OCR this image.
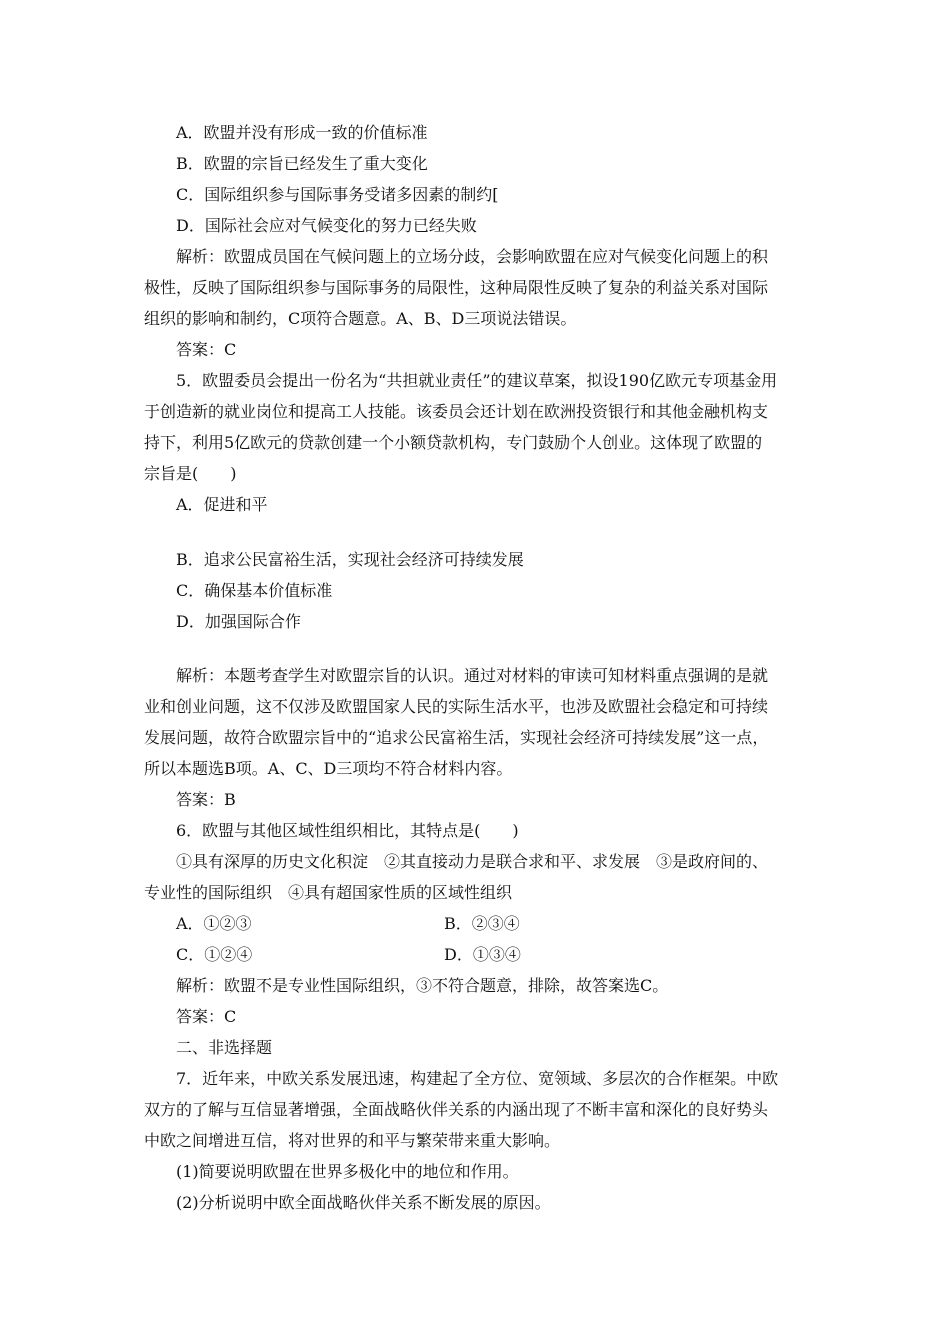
A．欧盟并没有形成一致的价值标准

B．欧盟的宗旨已经发生了重大变化

C．国际组织参与国际事务受诸多因素的制约[

D．国际社会应对气候变化的努力已经失败

解析：欧盟成员国在气候问题上的立场分歧，会影响欧盟在应对气候变化问题上的积

极性，反映了国际组织参与国际事务的局限性，这种局限性反映了复杂的利益关系对国际

组织的影响和制约，C项符合题意。A、B、D三项说法错误。

答案：C

5．欧盟委员会提出一份名为“共担就业责任”的建议草案，拟设190亿欧元专项基金用

于创造新的就业岗位和提高工人技能。该委员会还计划在欧洲投资银行和其他金融机构支

持下，利用5亿欧元的贷款创建一个小额贷款机构，专门鼓励个人创业。这体现了欧盟的

宗旨是(　　)

A．促进和平

B．追求公民富裕生活，实现社会经济可持续发展

C．确保基本价值标准

D．加强国际合作

解析：本题考查学生对欧盟宗旨的认识。通过对材料的审读可知材料重点强调的是就

业和创业问题，这不仅涉及欧盟国家人民的实际生活水平，也涉及欧盟社会稳定和可持续

发展问题，故符合欧盟宗旨中的“追求公民富裕生活，实现社会经济可持续发展”这一点，

所以本题选B项。A、C、D三项均不符合材料内容。

答案：B

6．欧盟与其他区域性组织相比，其特点是(　　)

①具有深厚的历史文化积淀　②其直接动力是联合求和平、求发展　③是政府间的、

专业性的国际组织　④具有超国家性质的区域性组织

A．①②③	B．②③④

C．①②④	D．①③④

解析：欧盟不是专业性国际组织，③不符合题意，排除，故答案选C。

答案：C

二、非选择题

7．近年来，中欧关系发展迅速，构建起了全方位、宽领域、多层次的合作框架。中欧

双方的了解与互信显著增强，全面战略伙伴关系的内涵出现了不断丰富和深化的良好势头

中欧之间增进互信，将对世界的和平与繁荣带来重大影响。

(1)简要说明欧盟在世界多极化中的地位和作用。

(2)分析说明中欧全面战略伙伴关系不断发展的原因。
